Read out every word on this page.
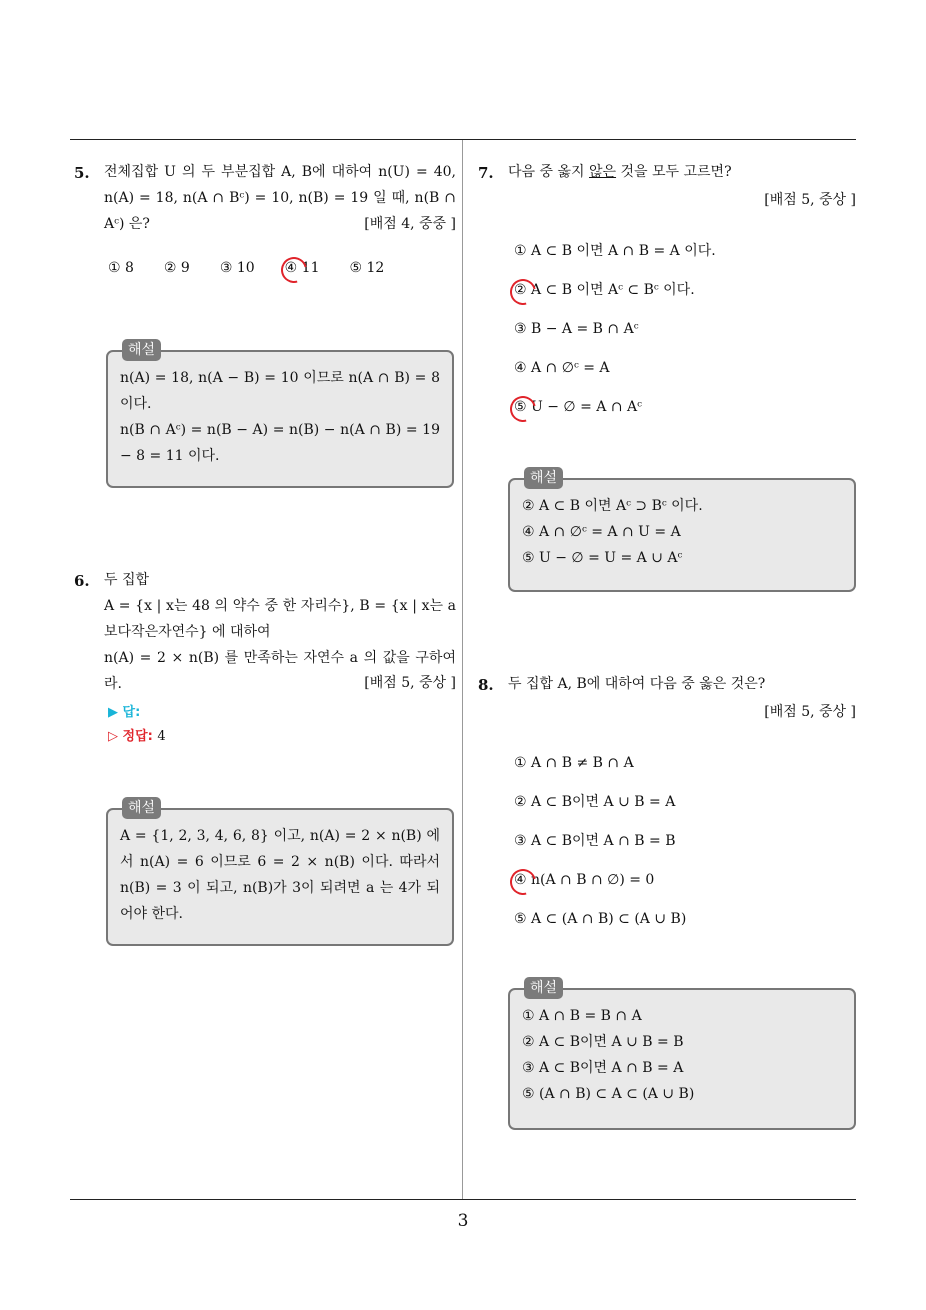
3
5.	전체집합 U 의 두 부분집합 A, B에 대하여 n(U) = 40, n(A) = 18, n(A ∩ Bᶜ) = 10, n(B) = 19 일 때, n(B ∩ Aᶜ) 은?	[배점 4, 중중 ]
① 8 ② 9 ③ 10 ④ 11 ⑤ 12
해설
n(A) = 18, n(A − B) = 10 이므로 n(A ∩ B) = 8 이다.
n(B ∩ Aᶜ) = n(B − A) = n(B) − n(A ∩ B) = 19 − 8 = 11 이다.
6.	두 집합
A = {x | x는 48 의 약수 중 한 자리수}, B = {x | x는 a 보다작은자연수} 에 대하여
n(A) = 2 × n(B) 를 만족하는 자연수 a 의 값을 구하여라.	[배점 5, 중상 ]
▶ 답:
▷ 정답: 4
해설
A = {1, 2, 3, 4, 6, 8} 이고, n(A) = 2 × n(B) 에서 n(A) = 6 이므로 6 = 2 × n(B) 이다. 따라서 n(B) = 3 이 되고, n(B)가 3이 되려면 a 는 4가 되어야 한다.
7.	다음 중 옳지 않은 것을 모두 고르면?
[배점 5, 중상 ]
① A ⊂ B 이면 A ∩ B = A 이다.
② A ⊂ B 이면 Aᶜ ⊂ Bᶜ 이다.
③ B − A = B ∩ Aᶜ
④ A ∩ ∅ᶜ = A
⑤ U − ∅ = A ∩ Aᶜ
해설
② A ⊂ B 이면 Aᶜ ⊃ Bᶜ 이다.
④ A ∩ ∅ᶜ = A ∩ U = A
⑤ U − ∅ = U = A ∪ Aᶜ
8.	두 집합 A, B에 대하여 다음 중 옳은 것은?
[배점 5, 중상 ]
① A ∩ B ≠ B ∩ A
② A ⊂ B이면 A ∪ B = A
③ A ⊂ B이면 A ∩ B = B
④ n(A ∩ B ∩ ∅) = 0
⑤ A ⊂ (A ∩ B) ⊂ (A ∪ B)
해설
① A ∩ B = B ∩ A
② A ⊂ B이면 A ∪ B = B
③ A ⊂ B이면 A ∩ B = A
⑤ (A ∩ B) ⊂ A ⊂ (A ∪ B)
